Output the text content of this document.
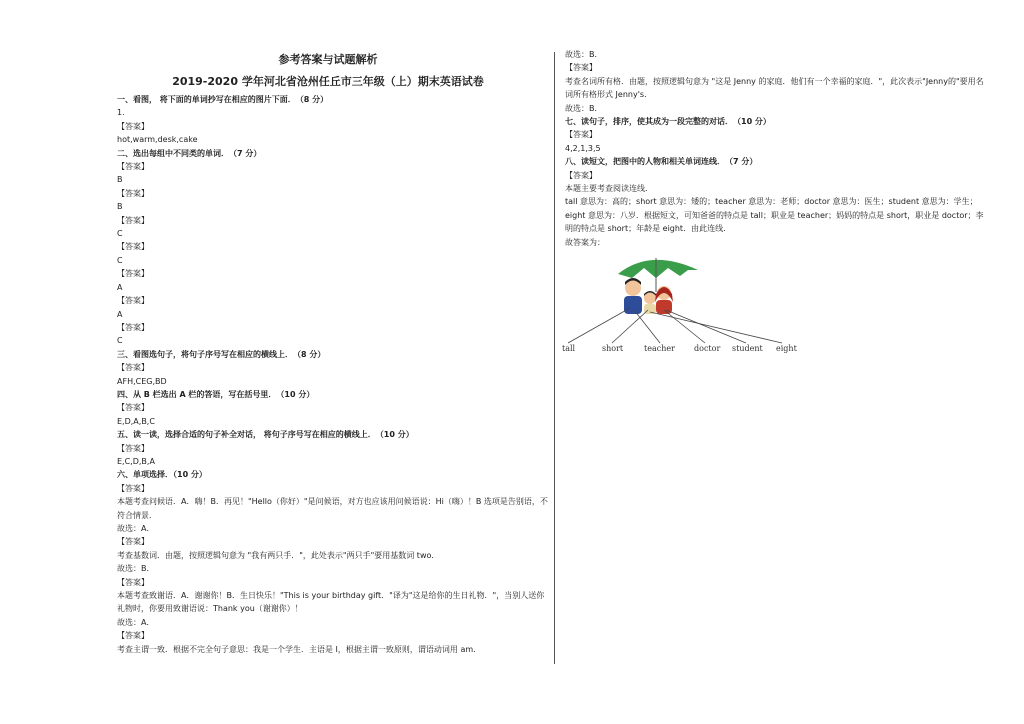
参考答案与试题解析
2019-2020 学年河北省沧州任丘市三年级（上）期末英语试卷
一、看图， 将下面的单词抄写在相应的图片下面．　（8 分）
1.
【答案】
hot,warm,desk,cake
二、选出每组中不同类的单词．　（7 分）
【答案】
B
【答案】
B
【答案】
C
【答案】
C
【答案】
A
【答案】
A
【答案】
C
三、看图选句子，将句子序号写在相应的横线上．　（8 分）
【答案】
AFH,CEG,BD
四、从 B 栏选出 A 栏的答语，写在括号里．　（10 分）
【答案】
E,D,A,B,C
五、读一读，选择合适的句子补全对话， 将句子序号写在相应的横线上．　（10 分）
【答案】
E,C,D,B,A
六、单项选择．（10 分）
【答案】
本题考查问候语．A．嗨！B．再见！"Hello（你好）"是问候语，对方也应该用问候语说：Hi（嗨）！B 选项是告别语，不符合情景．
故选：A．
【答案】
考查基数词．由题，按照逻辑句意为 "我有两只手．"，此处表示"两只手"要用基数词 two．
故选：B．
【答案】
本题考查致谢语．A．谢谢你！B．生日快乐！"This is your birthday gift．"译为"这是给你的生日礼物．"，当别人送你礼物时，你要用致谢语说：Thank you（谢谢你）！
故选：A．
【答案】
考查主谓一致．根据不完全句子意思：我是一个学生．主语是 I，根据主谓一致原则，谓语动词用 am．
故选：B．
【答案】
考查名词所有格．由题，按照逻辑句意为 "这是 Jenny 的家庭．他们有一个幸福的家庭．"，此次表示"Jenny的"要用名词所有格形式 Jenny's．
故选：B．
七、读句子，排序，使其成为一段完整的对话．　（10 分）
【答案】
4,2,1,3,5
八、读短文，把图中的人物和相关单词连线．　（7 分）
【答案】
本题主要考查阅读连线．
tall 意思为：高的；short 意思为：矮的；teacher 意思为：老师；doctor 意思为：医生；student 意思为：学生；eight 意思为：八岁．根据短文，可知爸爸的特点是 tall；职业是 teacher；妈妈的特点是 short，职业是 doctor；李明的特点是 short；年龄是 eight．由此连线．
故答案为：
tall	short	teacher doctor student eight
